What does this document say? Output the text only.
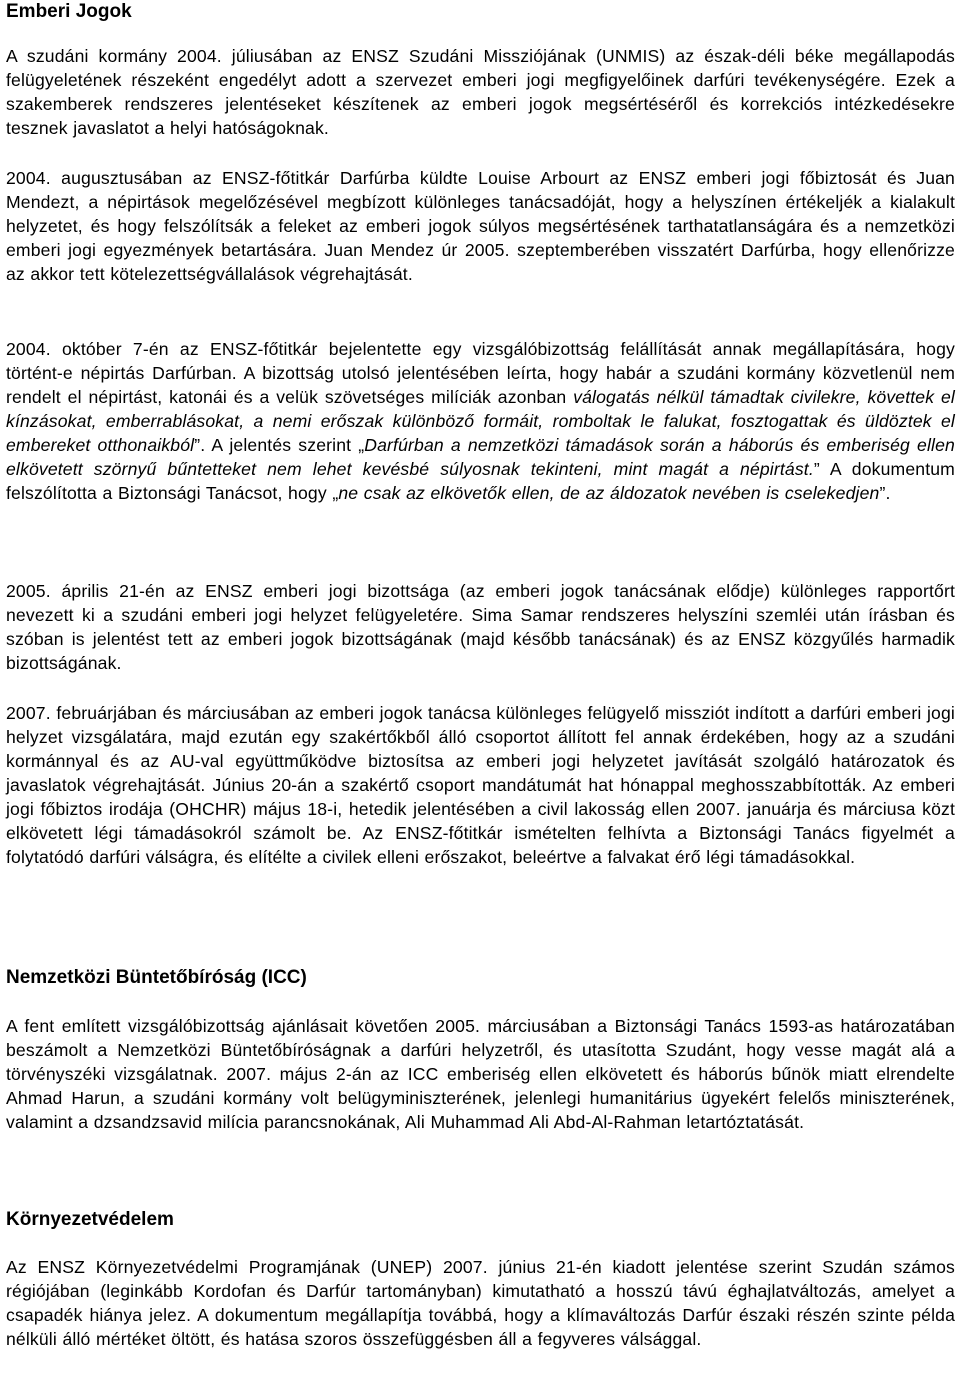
Emberi Jogok

A szudáni kormány 2004. júliusában az ENSZ Szudáni Missziójának (UNMIS) az észak-déli béke megállapodás felügyeletének részeként engedélyt adott a szervezet emberi jogi megfigyelőinek darfúri tevékenységére. Ezek a szakemberek rendszeres jelentéseket készítenek az emberi jogok megsértéséről és korrekciós intézkedésekre tesznek javaslatot a helyi hatóságoknak.

2004. augusztusában az ENSZ-főtitkár Darfúrba küldte Louise Arbourt az ENSZ emberi jogi főbiztosát és Juan Mendezt, a népirtások megelőzésével megbízott különleges tanácsadóját, hogy a helyszínen értékeljék a kialakult helyzetet, és hogy felszólítsák a feleket az emberi jogok súlyos megsértésének tarthatatlanságára és a nemzetközi emberi jogi egyezmények betartására. Juan Mendez úr 2005. szeptemberében visszatért Darfúrba, hogy ellenőrizze az akkor tett kötelezettségvállalások végrehajtását.

2004. október 7-én az ENSZ-főtitkár bejelentette egy vizsgálóbizottság felállítását annak megállapítására, hogy történt-e népirtás Darfúrban. A bizottság utolsó jelentésében leírta, hogy habár a szudáni kormány közvetlenül nem rendelt el népirtást, katonái és a velük szövetséges milíciák azonban válogatás nélkül támadtak civilekre, követtek el kínzásokat, emberrablásokat, a nemi erőszak különböző formáit, romboltak le falukat, fosztogattak és üldöztek el embereket otthonaikból”. A jelentés szerint „Darfúrban a nemzetközi támadások során a háborús és emberiség ellen elkövetett szörnyű bűntetteket nem lehet kevésbé súlyosnak tekinteni, mint magát a népirtást.” A dokumentum felszólította a Biztonsági Tanácsot, hogy „ne csak az elkövetők ellen, de az áldozatok nevében is cselekedjen”.

2005. április 21-én az ENSZ emberi jogi bizottsága (az emberi jogok tanácsának elődje) különleges rapportőrt nevezett ki a szudáni emberi jogi helyzet felügyeletére. Sima Samar rendszeres helyszíni szemléi után írásban és szóban is jelentést tett az emberi jogok bizottságának (majd később tanácsának) és az ENSZ közgyűlés harmadik bizottságának.

2007. februárjában és márciusában az emberi jogok tanácsa különleges felügyelő missziót indított a darfúri emberi jogi helyzet vizsgálatára, majd ezután egy szakértőkből álló csoportot állított fel annak érdekében, hogy az a szudáni kormánnyal és az AU-val együttműködve biztosítsa az emberi jogi helyzetet javítását szolgáló határozatok és javaslatok végrehajtását. Június 20-án a szakértő csoport mandátumát hat hónappal meghosszabbították. Az emberi jogi főbiztos irodája (OHCHR) május 18-i, hetedik jelentésében a civil lakosság ellen 2007. januárja és márciusa közt elkövetett légi támadásokról számolt be. Az ENSZ-főtitkár ismételten felhívta a Biztonsági Tanács figyelmét a folytatódó darfúri válságra, és elítélte a civilek elleni erőszakot, beleértve a falvakat érő légi támadásokkal.

Nemzetközi Büntetőbíróság (ICC)

A fent említett vizsgálóbizottság ajánlásait követően 2005. márciusában a Biztonsági Tanács 1593-as határozatában beszámolt a Nemzetközi Büntetőbíróságnak a darfúri helyzetről, és utasította Szudánt, hogy vesse magát alá a törvényszéki vizsgálatnak. 2007. május 2-án az ICC emberiség ellen elkövetett és háborús bűnök miatt elrendelte Ahmad Harun, a szudáni kormány volt belügyminiszterének, jelenlegi humanitárius ügyekért felelős miniszterének, valamint a dzsandzsavid milícia parancsnokának, Ali Muhammad Ali Abd-Al-Rahman letartóztatását.

Környezetvédelem

Az ENSZ Környezetvédelmi Programjának (UNEP) 2007. június 21-én kiadott jelentése szerint Szudán számos régiójában (leginkább Kordofan és Darfúr tartományban) kimutatható a hosszú távú éghajlatváltozás, amelyet a csapadék hiánya jelez. A dokumentum megállapítja továbbá, hogy a klímaváltozás Darfúr északi részén szinte példa nélküli álló mértéket öltött, és hatása szoros összefüggésben áll a fegyveres válsággal.
